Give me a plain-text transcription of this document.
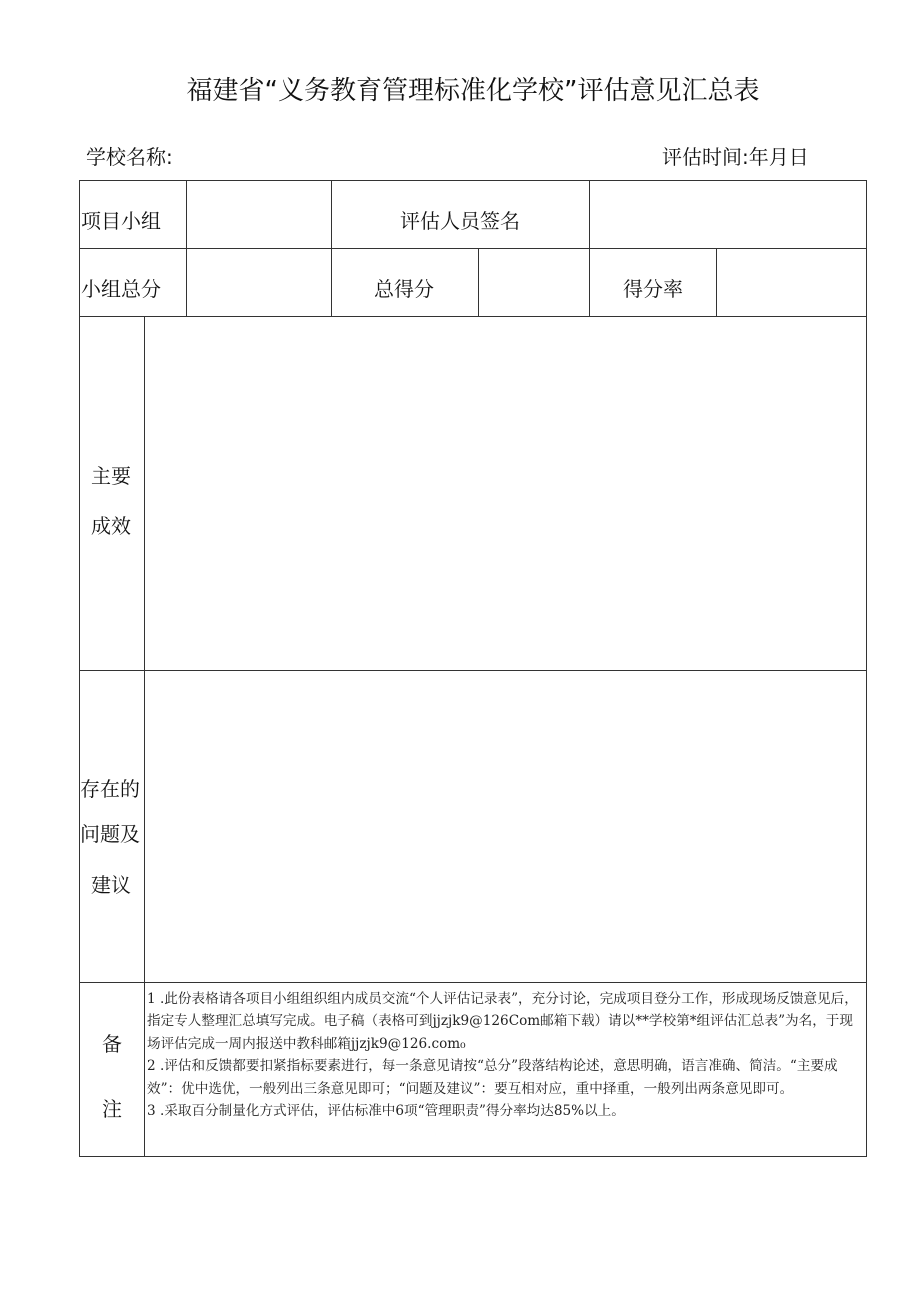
福建省“义务教育管理标准化学校”评估意见汇总表
学校名称:	评估时间:年月日
项目小组	评估人员签名
小组总分	总得分	得分率
主要
成效
存在的
问题及
建议
备
注

1 .此份表格请各项目小组组织组内成员交流“个人评估记录表”，充分讨论，完成项目登分工作，形成现场反馈意见后，指定专人整理汇总填写完成。电子稿（表格可到jjzjk9@126Com邮箱下载）请以**学校第*组评估汇总表”为名，于现场评估完成一周内报送中教科邮箱jjzjk9@126.com₀

2 .评估和反馈都要扣紧指标要素进行，每一条意见请按“总分”段落结构论述，意思明确，语言准确、简洁。“主要成效”：优中选优，一般列出三条意见即可；“问题及建议”：要互相对应，重中择重，一般列出两条意见即可。

3 .采取百分制量化方式评估，评估标准中6项“管理职责”得分率均达85%以上。
